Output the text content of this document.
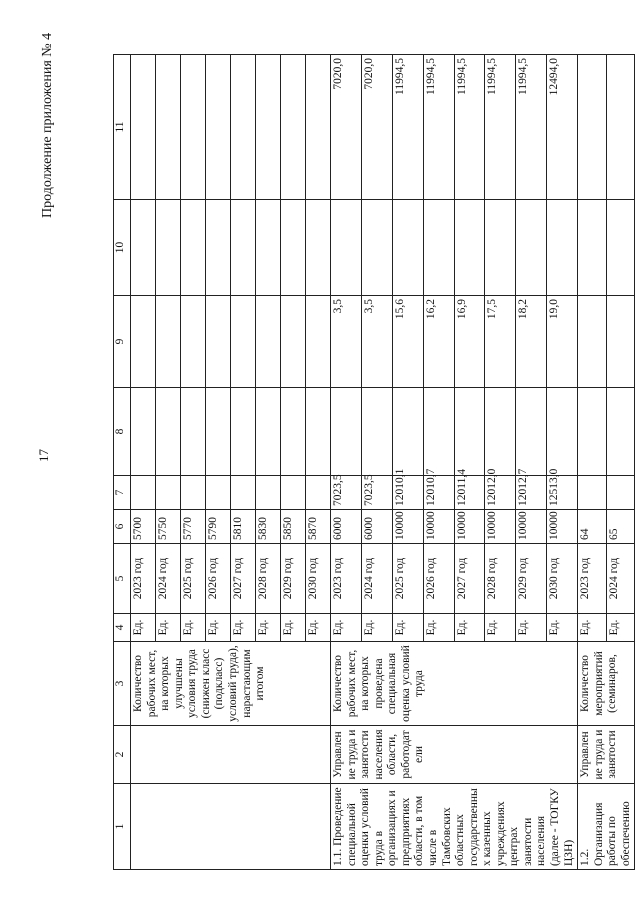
17
Продолжение приложения № 4
1	2	3	4	5	6	7	8	9	10	11
		Количество рабочих мест, на которых улучшены условия труда (снижен класс (подкласс) условий труда), нарастающим итогом	Ед.	2023 год	5700					
			Ед.	2024 год	5750					
			Ед.	2025 год	5770					
			Ед.	2026 год	5790					
			Ед.	2027 год	5810					
			Ед.	2028 год	5830					
			Ед.	2029 год	5850					
			Ед.	2030 год	5870					
1.1. Проведение специальной оценки условий труда в организациях и предприятиях области, в том числе в Тамбовских областных государственных казенных учреждениях центрах занятости населения (далее - ТОГКУ ЦЗН)	Управление труда и занятости населения области, работодатели	Количество рабочих мест, на которых проведена специальная оценка условий труда	Ед.	2023 год	6000	7023,5		3,5		7020,0
			Ед.	2024 год	6000	7023,5		3,5		7020,0
			Ед.	2025 год	10000	12010,1		15,6		11994,5
			Ед.	2026 год	10000	12010,7		16,2		11994,5
			Ед.	2027 год	10000	12011,4		16,9		11994,5
			Ед.	2028 год	10000	12012,0		17,5		11994,5
			Ед.	2029 год	10000	12012,7		18,2		11994,5
			Ед.	2030 год	10000	12513,0		19,0		12494,0
1.2. Организация работы по обеспечению	Управление труда и занятости	Количество мероприятий (семинаров,	Ед.	2023 год	64					
			Ед.	2024 год	65					
